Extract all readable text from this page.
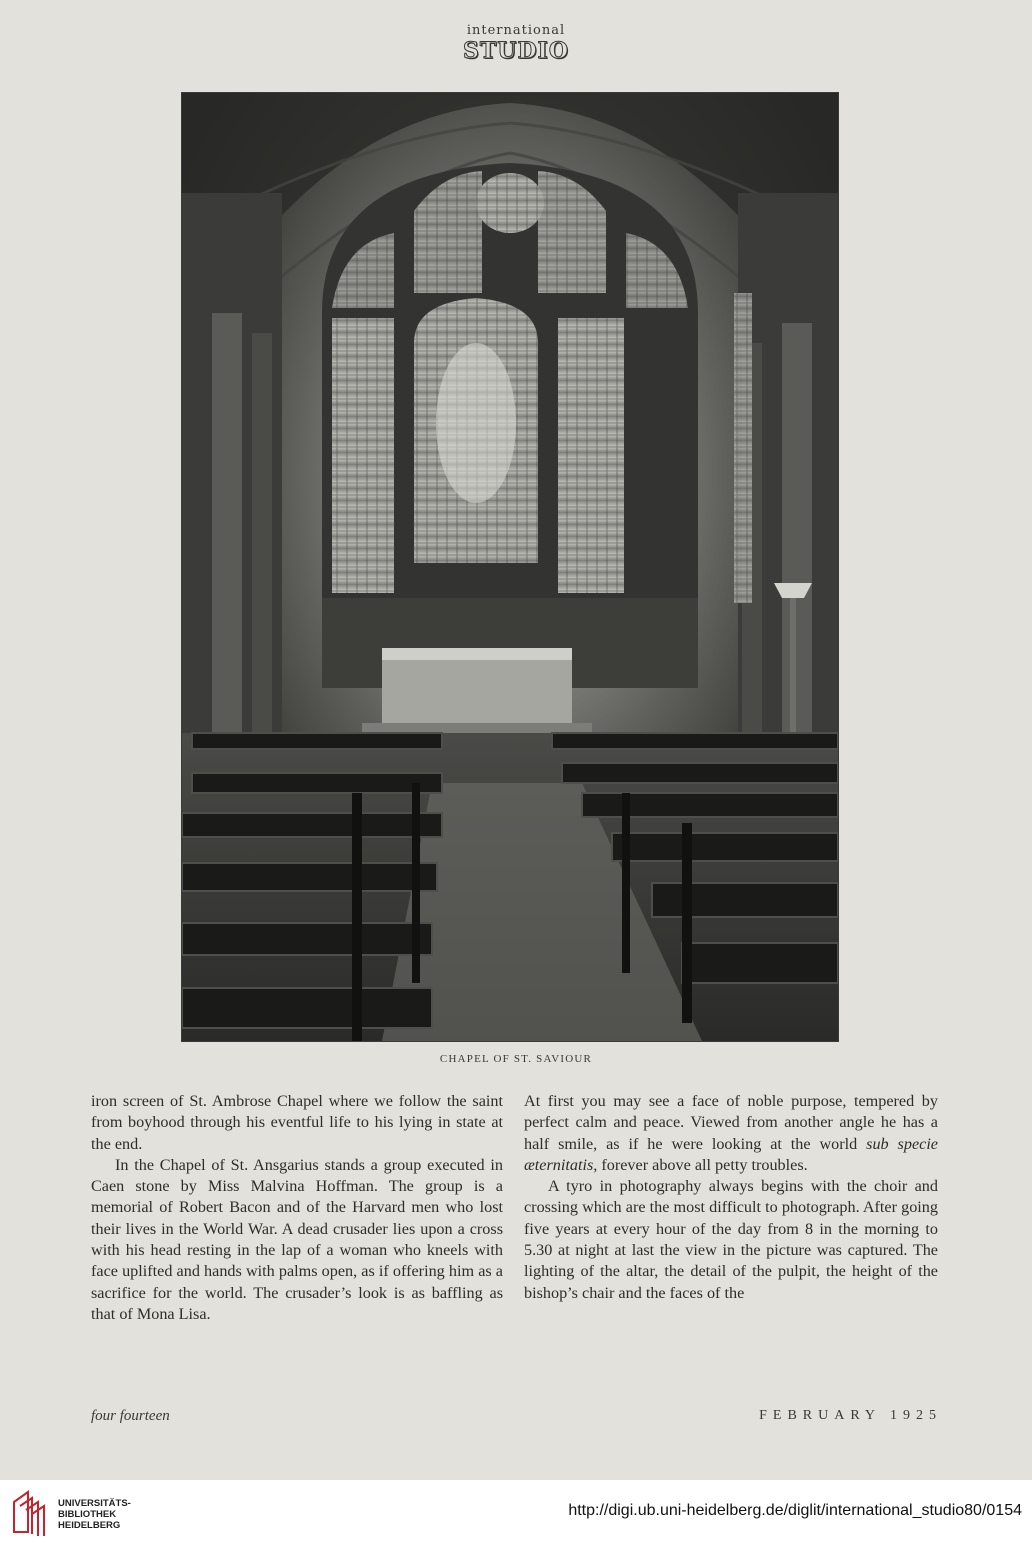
international
STUDIO
CHAPEL OF ST. SAVIOUR

iron screen of St. Ambrose Chapel where we follow the saint from boyhood through his eventful life to his lying in state at the end.

In the Chapel of St. Ansgarius stands a group executed in Caen stone by Miss Malvina Hoffman. The group is a memorial of Robert Bacon and of the Harvard men who lost their lives in the World War. A dead crusader lies upon a cross with his head resting in the lap of a woman who kneels with face uplifted and hands with palms open, as if offering him as a sacrifice for the world. The crusader’s look is as baffling as that of Mona Lisa.

At first you may see a face of noble purpose, tempered by perfect calm and peace. Viewed from another angle he has a half smile, as if he were looking at the world sub specie æternitatis, forever above all petty troubles.

A tyro in photography always begins with the choir and crossing which are the most difficult to photograph. After going five years at every hour of the day from 8 in the morning to 5.30 at night at last the view in the picture was captured. The lighting of the altar, the detail of the pulpit, the height of the bishop’s chair and the faces of the

four fourteen	FEBRUARY 1925
UNIVERSITÄTS-
BIBLIOTHEK
HEIDELBERG
http://digi.ub.uni-heidelberg.de/diglit/international_studio80/0154
